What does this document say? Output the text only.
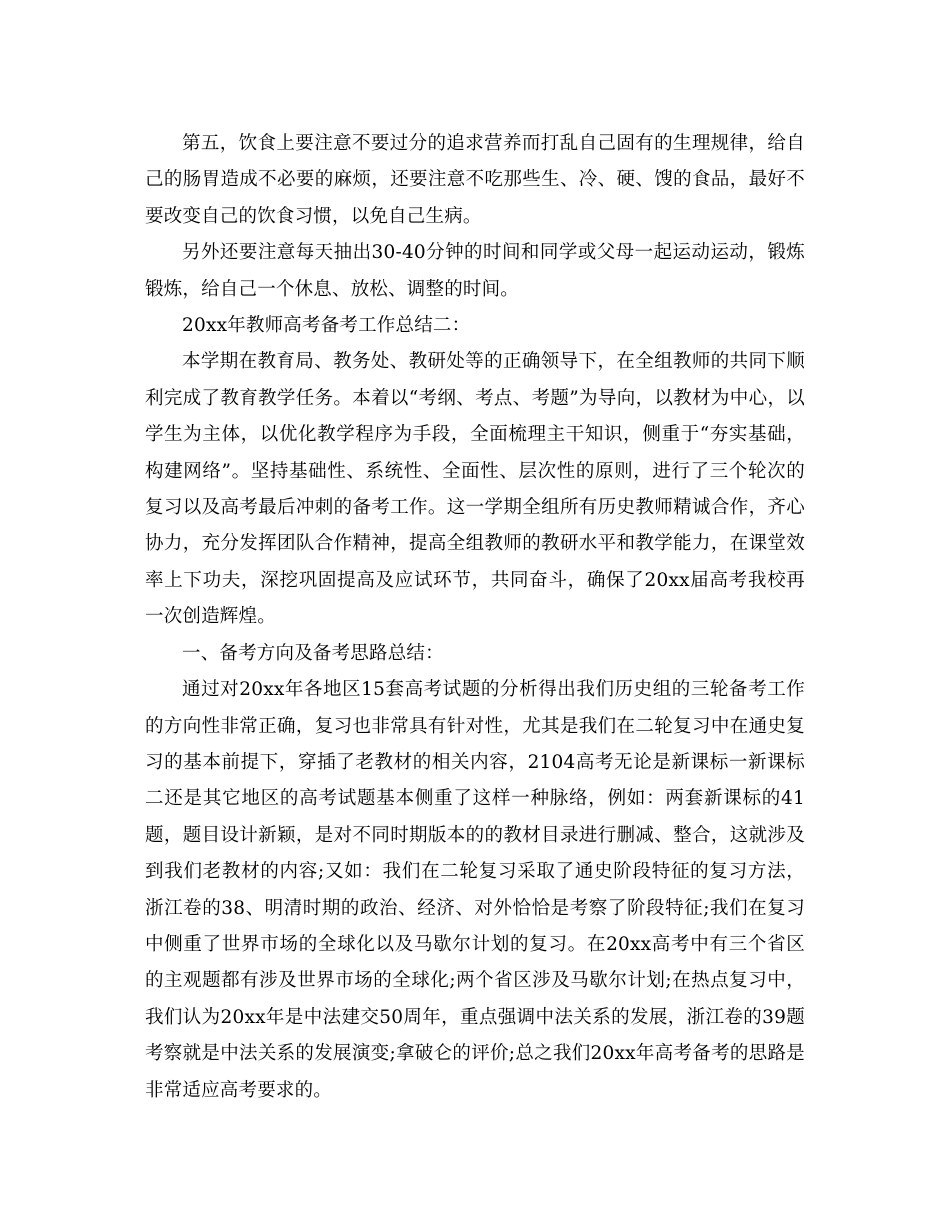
第五，饮食上要注意不要过分的追求营养而打乱自己固有的生理规律，给自己的肠胃造成不必要的麻烦，还要注意不吃那些生、冷、硬、馊的食品，最好不要改变自己的饮食习惯，以免自己生病。

另外还要注意每天抽出30-40分钟的时间和同学或父母一起运动运动，锻炼锻炼，给自己一个休息、放松、调整的时间。

20xx年教师高考备考工作总结二：

本学期在教育局、教务处、教研处等的正确领导下，在全组教师的共同下顺利完成了教育教学任务。本着以“考纲、考点、考题”为导向，以教材为中心，以学生为主体，以优化教学程序为手段，全面梳理主干知识，侧重于“夯实基础，构建网络”。坚持基础性、系统性、全面性、层次性的原则，进行了三个轮次的复习以及高考最后冲刺的备考工作。这一学期全组所有历史教师精诚合作，齐心协力，充分发挥团队合作精神，提高全组教师的教研水平和教学能力，在课堂效率上下功夫，深挖巩固提高及应试环节，共同奋斗，确保了20xx届高考我校再一次创造辉煌。

一、备考方向及备考思路总结：

通过对20xx年各地区15套高考试题的分析得出我们历史组的三轮备考工作的方向性非常正确，复习也非常具有针对性，尤其是我们在二轮复习中在通史复习的基本前提下，穿插了老教材的相关内容，2104高考无论是新课标一新课标二还是其它地区的高考试题基本侧重了这样一种脉络，例如：两套新课标的41题，题目设计新颖，是对不同时期版本的的教材目录进行删减、整合，这就涉及到我们老教材的内容;又如：我们在二轮复习采取了通史阶段特征的复习方法，浙江卷的38、明清时期的政治、经济、对外恰恰是考察了阶段特征;我们在复习中侧重了世界市场的全球化以及马歇尔计划的复习。在20xx高考中有三个省区的主观题都有涉及世界市场的全球化;两个省区涉及马歇尔计划;在热点复习中，我们认为20xx年是中法建交50周年，重点强调中法关系的发展，浙江卷的39题考察就是中法关系的发展演变;拿破仑的评价;总之我们20xx年高考备考的思路是非常适应高考要求的。
